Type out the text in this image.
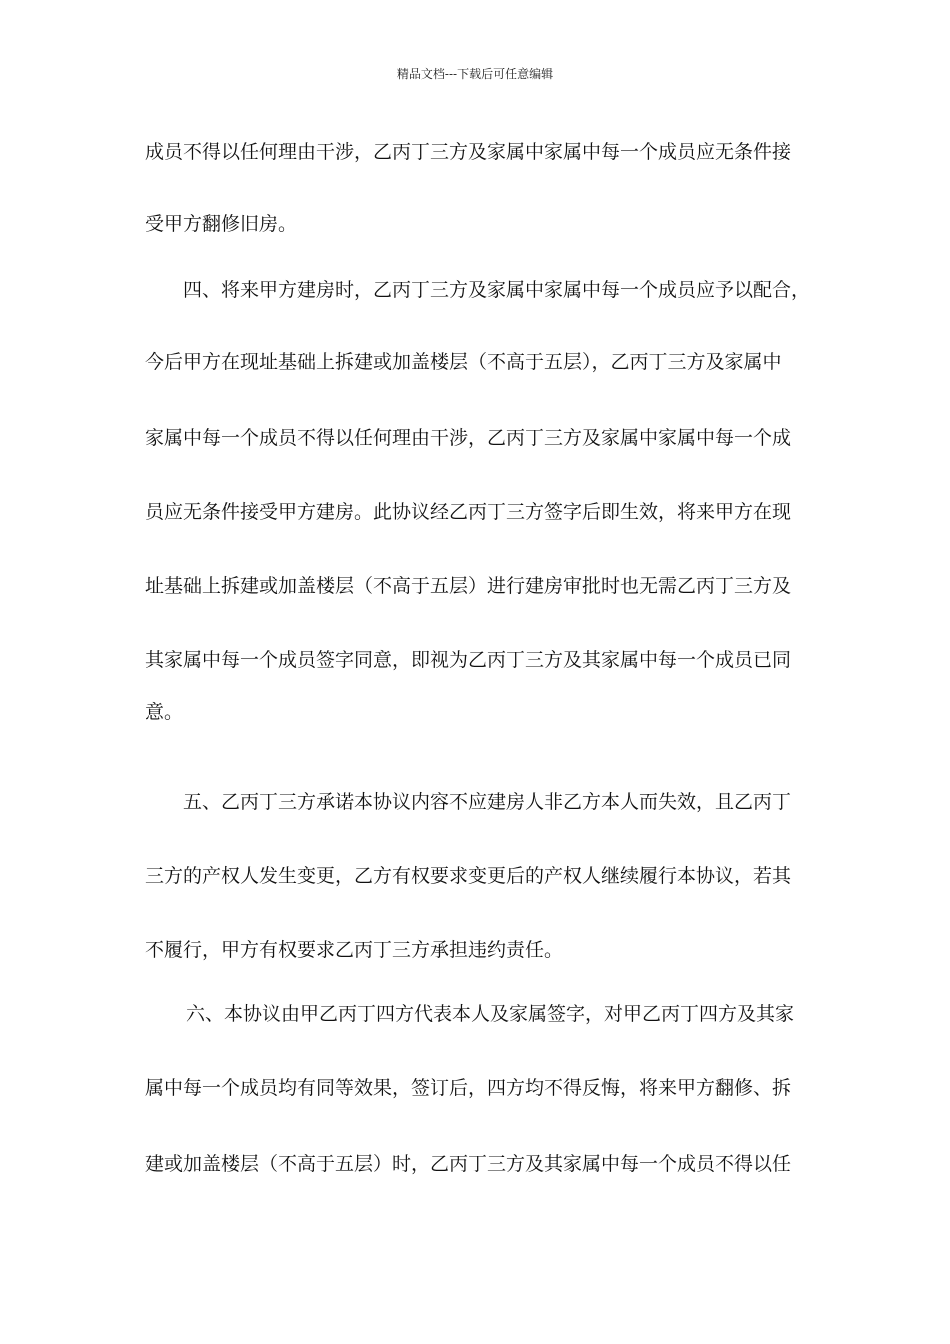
精品文档---下载后可任意编辑
成员不得以任何理由干涉，乙丙丁三方及家属中家属中每一个成员应无条件接
受甲方翻修旧房。
四、将来甲方建房时，乙丙丁三方及家属中家属中每一个成员应予以配合，
今后甲方在现址基础上拆建或加盖楼层（不高于五层），乙丙丁三方及家属中
家属中每一个成员不得以任何理由干涉，乙丙丁三方及家属中家属中每一个成
员应无条件接受甲方建房。此协议经乙丙丁三方签字后即生效，将来甲方在现
址基础上拆建或加盖楼层（不高于五层）进行建房审批时也无需乙丙丁三方及
其家属中每一个成员签字同意，即视为乙丙丁三方及其家属中每一个成员已同
意。
五、乙丙丁三方承诺本协议内容不应建房人非乙方本人而失效，且乙丙丁
三方的产权人发生变更，乙方有权要求变更后的产权人继续履行本协议，若其
不履行，甲方有权要求乙丙丁三方承担违约责任。
六、本协议由甲乙丙丁四方代表本人及家属签字，对甲乙丙丁四方及其家
属中每一个成员均有同等效果，签订后，四方均不得反悔，将来甲方翻修、拆
建或加盖楼层（不高于五层）时，乙丙丁三方及其家属中每一个成员不得以任
